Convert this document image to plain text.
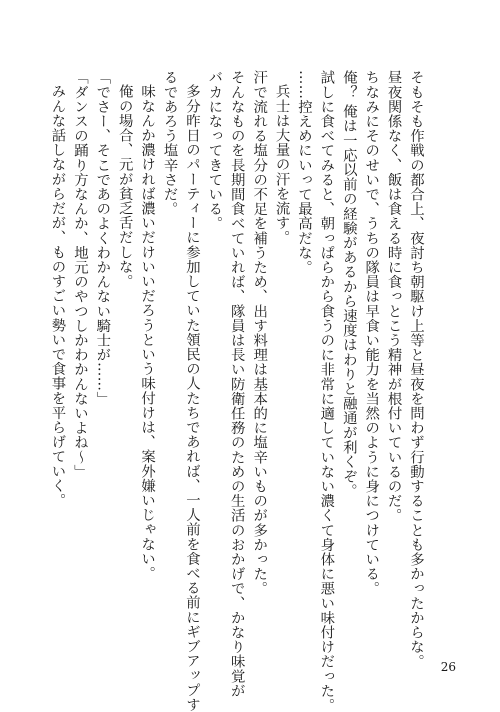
そもそも作戦の都合上、夜討ち朝駆け上等と昼夜を問わず行動することも多かったからな。

昼夜関係なく、飯は食える時に食っとこう精神が根付いているのだ。

ちなみにそのせいで、うちの隊員は早食い能力を当然のように身につけている。

俺？ 俺は一応以前の経験があるから速度はわりと融通が利くぞ。

試しに食べてみると、朝っぱらから食うのに非常に適していない濃くて身体に悪い味付けだった。

……控えめにいって最高だな。

兵士は大量の汗を流す。

汗で流れる塩分の不足を補うため、出す料理は基本的に塩辛いものが多かった。

そんなものを長期間食べていれば、隊員は長い防衛任務のための生活のおかげで、かなり味覚が

バカになってきている。

多分昨日のパーティーに参加していた領民の人たちであれば、一人前を食べる前にギブアップす

るであろう塩辛さだ。

味なんか濃ければ濃いだけいいだろうという味付けは、案外嫌いじゃない。

俺の場合、元が貧乏舌だしな。

「でさー、そこであのよくわかんない騎士が……」

「ダンスの踊り方なんか、地元のやつしかわかんないよね〜」

みんな話しながらだが、ものすごい勢いで食事を平らげていく。

26
